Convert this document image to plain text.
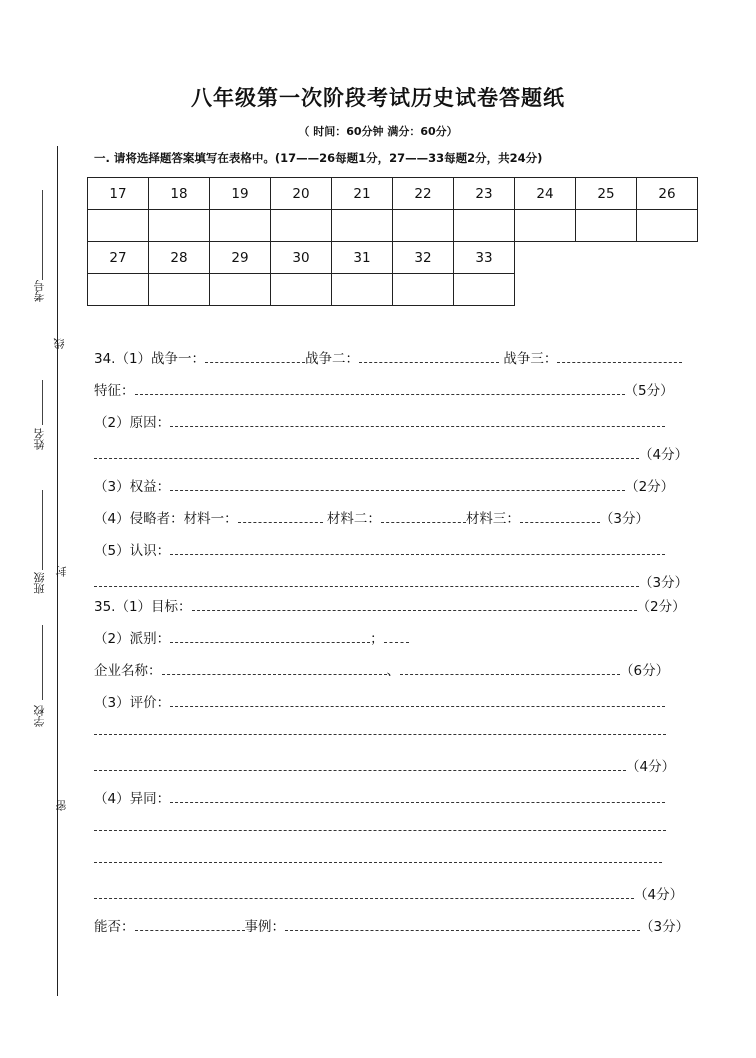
八年级第一次阶段考试历史试卷答题纸
（ 时间：60分钟 满分：60分）
考号
线
姓名
班级
封
学校
密
一. 请将选择题答案填写在表格中。(17——26每题1分，27——33每题2分，共24分)
17	18	19	20	21	22	23	24	25	26

27	28	29	30	31	32	33

34.（1）战争一：	战争二：	战争三：
特征：	（5分）
（2）原因：
（4分）
（3）权益：	（2分）
（4）侵略者：材料一：	材料二：	材料三：	（3分）
（5）认识：
（3分）
35.（1）目标：	（2分）
（2）派别：	；
企业名称：	、	（6分）
（3）评价：
（4分）
（4）异同：
（4分）
能否：	事例：	（3分）
